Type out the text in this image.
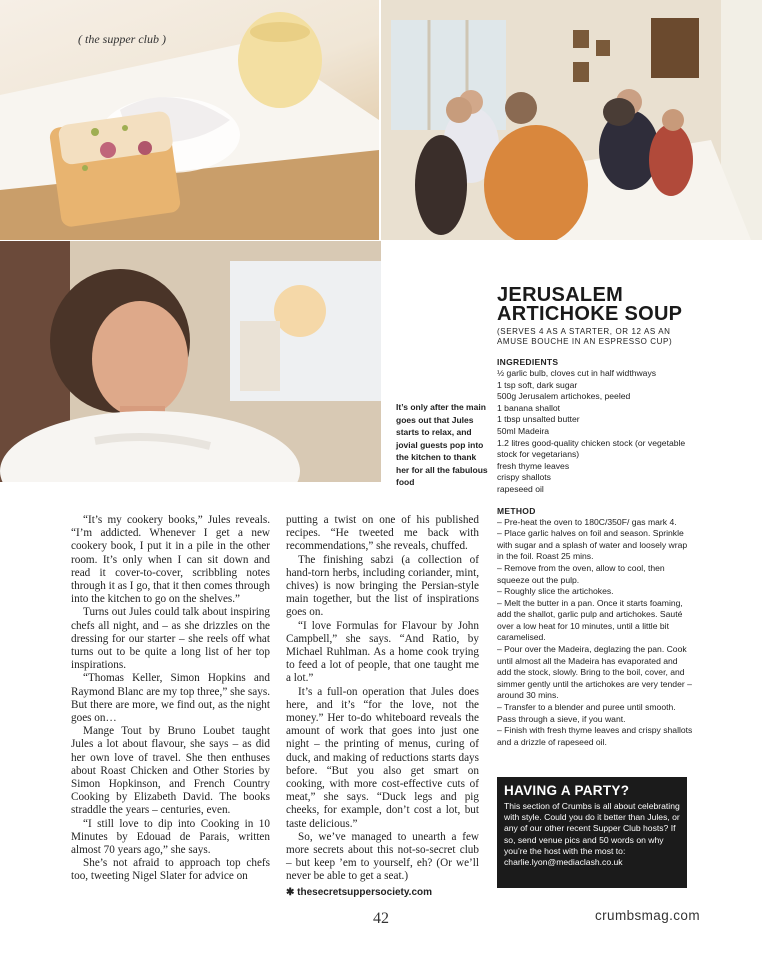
( the supper club )
It’s only after the main goes out that Jules starts to relax, and jovial guests pop into the kitchen to thank her for all the fabulous food

“It’s my cookery books,” Jules reveals. “I’m addicted. Whenever I get a new cookery book, I put it in a pile in the other room. It’s only when I can sit down and read it cover-to-cover, scribbling notes through it as I go, that it then comes through into the kitchen to go on the shelves.”

Turns out Jules could talk about inspiring chefs all night, and – as she drizzles on the dressing for our starter – she reels off what turns out to be quite a long list of her top inspirations.

“Thomas Keller, Simon Hopkins and Raymond Blanc are my top three,” she says. But there are more, we find out, as the night goes on…

Mange Tout by Bruno Loubet taught Jules a lot about flavour, she says – as did her own love of travel. She then enthuses about Roast Chicken and Other Stories by Simon Hopkinson, and French Country Cooking by Elizabeth David. The books straddle the years – centuries, even.

“I still love to dip into Cooking in 10 Minutes by Edouad de Parais, written almost 70 years ago,” she says.

She’s not afraid to approach top chefs too, tweeting Nigel Slater for advice on

putting a twist on one of his published recipes. “He tweeted me back with recommendations,” she reveals, chuffed.

The finishing sabzi (a collection of hand-torn herbs, including coriander, mint, chives) is now bringing the Persian-style main together, but the list of inspirations goes on.

“I love Formulas for Flavour by John Campbell,” she says. “And Ratio, by Michael Ruhlman. As a home cook trying to feed a lot of people, that one taught me a lot.”

It’s a full-on operation that Jules does here, and it’s “for the love, not the money.” Her to-do whiteboard reveals the amount of work that goes into just one night – the printing of menus, curing of duck, and making of reductions starts days before. “But you also get smart on cooking, with more cost-effective cuts of meat,” she says. “Duck legs and pig cheeks, for example, don’t cost a lot, but taste delicious.”

So, we’ve managed to unearth a few more secrets about this not-so-secret club – but keep ’em to yourself, eh? (Or we’ll never be able to get a seat.)

✱ thesecretsuppersociety.com

JERUSALEM
ARTICHOKE SOUP
(SERVES 4 AS A STARTER, OR 12 AS AN AMUSE BOUCHE IN AN ESPRESSO CUP)
INGREDIENTS
½ garlic bulb, cloves cut in half widthways
1 tsp soft, dark sugar
500g Jerusalem artichokes, peeled
1 banana shallot
1 tbsp unsalted butter
50ml Madeira
1.2 litres good-quality chicken stock (or vegetable stock for vegetarians)
fresh thyme leaves
crispy shallots
rapeseed oil
METHOD
– Pre-heat the oven to 180C/350F/ gas mark 4.
– Place garlic halves on foil and season. Sprinkle with sugar and a splash of water and loosely wrap in the foil. Roast 25 mins.
– Remove from the oven, allow to cool, then squeeze out the pulp.
– Roughly slice the artichokes.
– Melt the butter in a pan. Once it starts foaming, add the shallot, garlic pulp and artichokes. Sauté over a low heat for 10 minutes, until a little bit caramelised.
– Pour over the Madeira, deglazing the pan. Cook until almost all the Madeira has evaporated and add the stock, slowly. Bring to the boil, cover, and simmer gently until the artichokes are very tender – around 30 mins.
– Transfer to a blender and puree until smooth. Pass through a sieve, if you want.
– Finish with fresh thyme leaves and crispy shallots and a drizzle of rapeseed oil.
HAVING A PARTY?

This section of Crumbs is all about celebrating with style. Could you do it better than Jules, or any of our other recent Supper Club hosts? If so, send venue pics and 50 words on why you’re the host with the most to:

charlie.lyon@mediaclash.co.uk

42	crumbsmag.com
